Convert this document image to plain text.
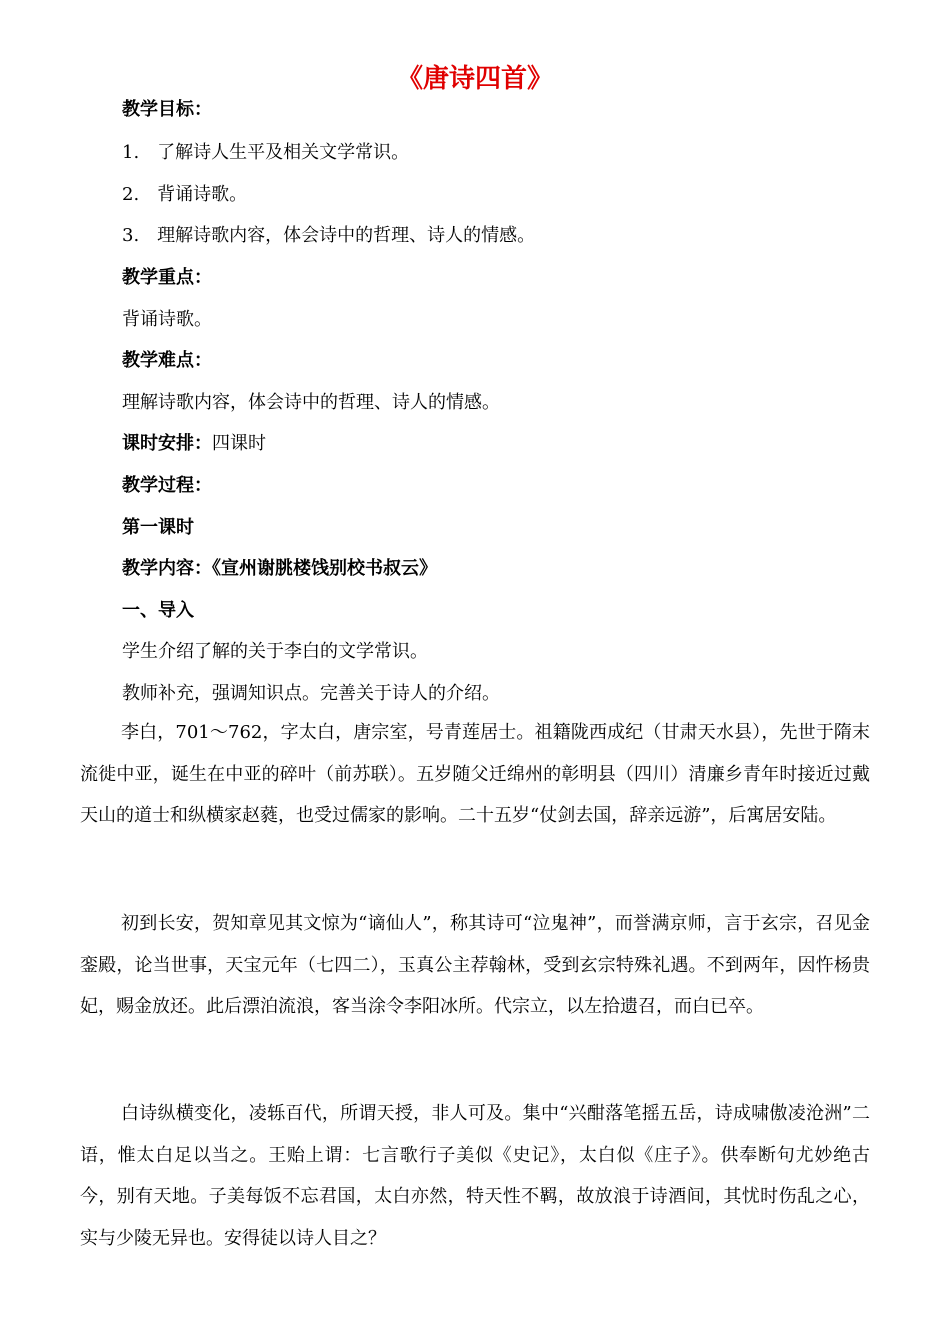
《唐诗四首》
教学目标：
1.　了解诗人生平及相关文学常识。
2.　背诵诗歌。
3.　理解诗歌内容，体会诗中的哲理、诗人的情感。
教学重点：
背诵诗歌。
教学难点：
理解诗歌内容，体会诗中的哲理、诗人的情感。
课时安排：四课时
教学过程：
第一课时
教学内容：《宣州谢朓楼饯别校书叔云》
一、导入
学生介绍了解的关于李白的文学常识。
教师补充，强调知识点。完善关于诗人的介绍。
李白，701～762，字太白，唐宗室，号青莲居士。祖籍陇西成纪（甘肃天水县），先世于隋末流徙中亚，诞生在中亚的碎叶（前苏联）。五岁随父迁绵州的彰明县（四川）清廉乡青年时接近过戴天山的道士和纵横家赵蕤，也受过儒家的影响。二十五岁“仗剑去国，辞亲远游”，后寓居安陆。
初到长安，贺知章见其文惊为“谪仙人”，称其诗可“泣鬼神”，而誉满京师，言于玄宗，召见金銮殿，论当世事，天宝元年（七四二），玉真公主荐翰林，受到玄宗特殊礼遇。不到两年，因忤杨贵妃，赐金放还。此后漂泊流浪，客当涂令李阳冰所。代宗立，以左拾遗召，而白已卒。
白诗纵横变化，凌轹百代，所谓天授，非人可及。集中“兴酣落笔摇五岳，诗成啸傲凌沧洲”二语，惟太白足以当之。王贻上谓：七言歌行子美似《史记》，太白似《庄子》。供奉断句尤妙绝古今，别有天地。子美每饭不忘君国，太白亦然，特天性不羁，故放浪于诗酒间，其忧时伤乱之心，实与少陵无异也。安得徒以诗人目之？
